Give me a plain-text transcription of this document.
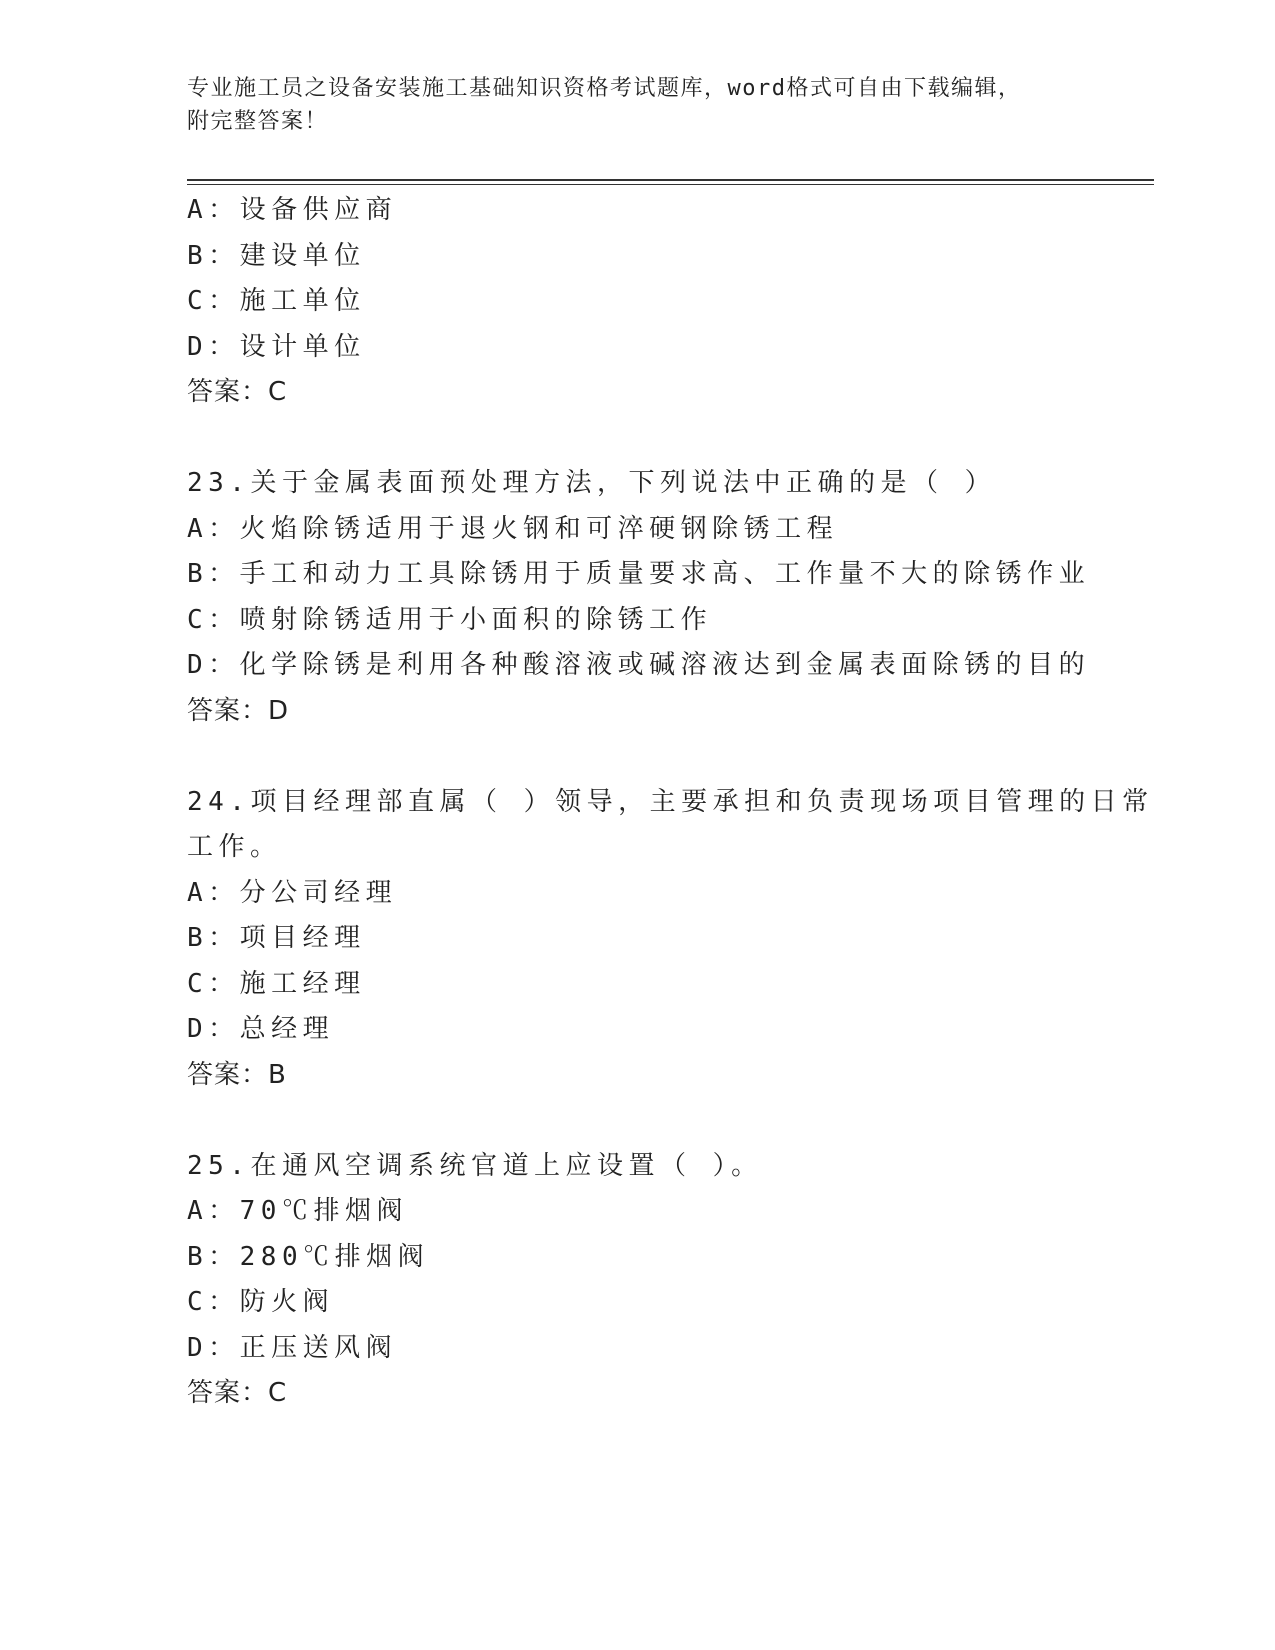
专业施工员之设备安装施工基础知识资格考试题库，word格式可自由下载编辑，
附完整答案！
A：设备供应商
B：建设单位
C：施工单位
D：设计单位
答案：C
23.关于金属表面预处理方法，下列说法中正确的是（ ）
A：火焰除锈适用于退火钢和可淬硬钢除锈工程
B：手工和动力工具除锈用于质量要求高、工作量不大的除锈作业
C：喷射除锈适用于小面积的除锈工作
D：化学除锈是利用各种酸溶液或碱溶液达到金属表面除锈的目的
答案：D
24.项目经理部直属（ ）领导，主要承担和负责现场项目管理的日常
工作。
A：分公司经理
B：项目经理
C：施工经理
D：总经理
答案：B
25.在通风空调系统官道上应设置（ ）。
A：70℃排烟阀
B：280℃排烟阀
C：防火阀
D：正压送风阀
答案：C
